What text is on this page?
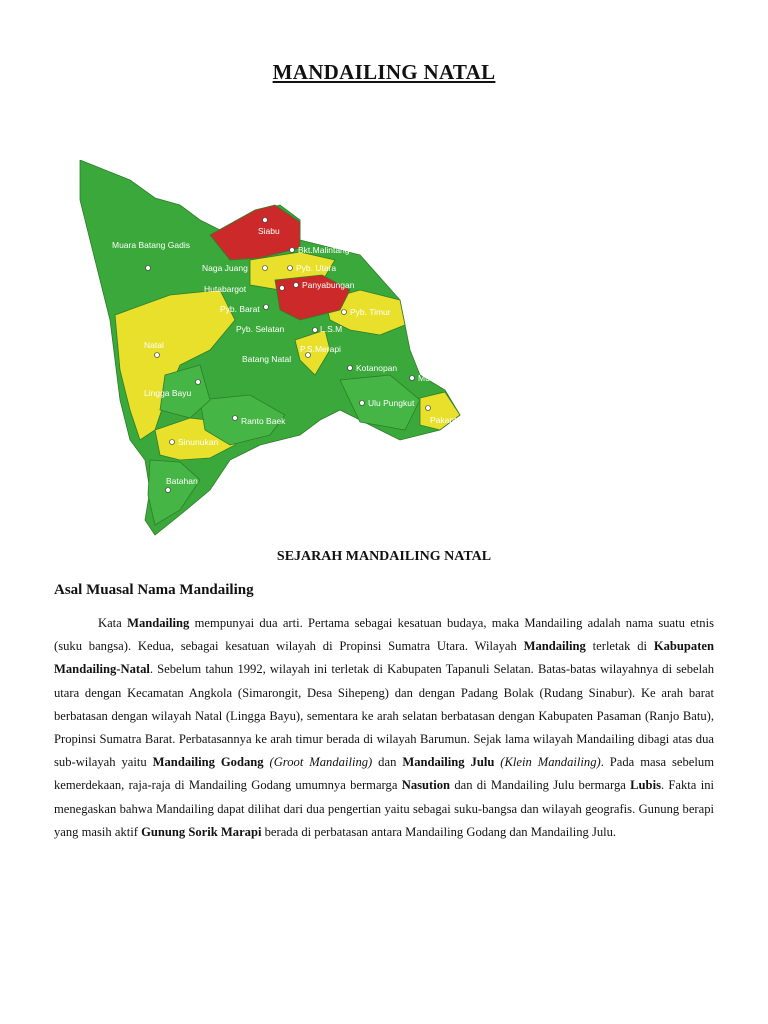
MANDAILING NATAL
Muara Batang Gadis
Siabu
Bkt.Malintang
Naga Juang	Pyb. Utara
Hutabargot	Panyabungan
Pyb. Barat	Pyb. Timur
Pyb. Selatan	L.S.M
P.S.Merapi
Natal
Batang Natal
Kotanopan
Muara Sipongi
Lingga Bayu
Ulu Pungkut
Ranto Baek	Pakantan
Sinunukan
Batahan
SEJARAH MANDAILING NATAL
Asal Muasal Nama Mandailing

Kata Mandailing mempunyai dua arti. Pertama sebagai kesatuan budaya, maka Mandailing adalah nama suatu etnis (suku bangsa). Kedua, sebagai kesatuan wilayah di Propinsi Sumatra Utara. Wilayah Mandailing terletak di Kabupaten Mandailing-Natal. Sebelum tahun 1992, wilayah ini terletak di Kabupaten Tapanuli Selatan. Batas-batas wilayahnya di sebelah utara dengan Kecamatan Angkola (Simarongit, Desa Sihepeng) dan dengan Padang Bolak (Rudang Sinabur). Ke arah barat berbatasan dengan wilayah Natal (Lingga Bayu), sementara ke arah selatan berbatasan dengan Kabupaten Pasaman (Ranjo Batu), Propinsi Sumatra Barat. Perbatasannya ke arah timur berada di wilayah Barumun. Sejak lama wilayah Mandailing dibagi atas dua sub-wilayah yaitu Mandailing Godang (Groot Mandailing) dan Mandailing Julu (Klein Mandailing). Pada masa sebelum kemerdekaan, raja-raja di Mandailing Godang umumnya bermarga Nasution dan di Mandailing Julu bermarga Lubis. Fakta ini menegaskan bahwa Mandailing dapat dilihat dari dua pengertian yaitu sebagai suku-bangsa dan wilayah geografis. Gunung berapi yang masih aktif Gunung Sorik Marapi berada di perbatasan antara Mandailing Godang dan Mandailing Julu.
